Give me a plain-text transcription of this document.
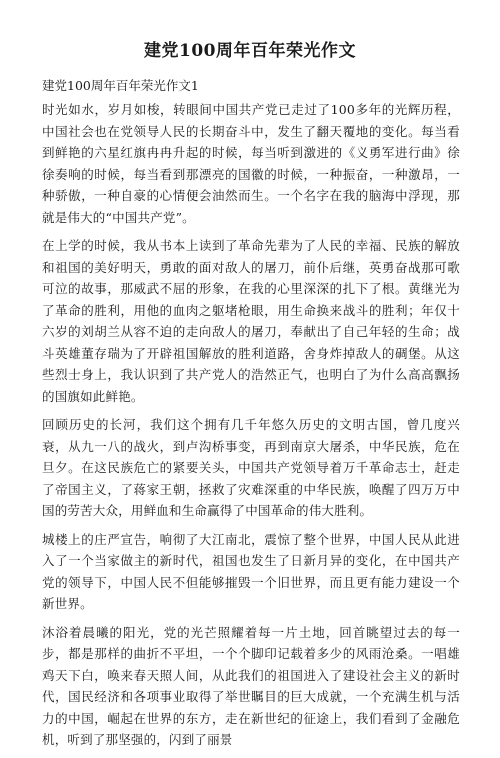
建党100周年百年荣光作文
建党100周年百年荣光作文1

时光如水，岁月如梭，转眼间中国共产党已走过了100多年的光辉历程，中国社会也在党领导人民的长期奋斗中，发生了翻天覆地的变化。每当看到鲜艳的六星红旗冉冉升起的时候，每当听到激进的《义勇军进行曲》徐徐奏响的时候，每当看到那漂亮的国徽的时候，一种振奋，一种激昂，一种骄傲，一种自豪的心情便会油然而生。一个名字在我的脑海中浮现，那就是伟大的“中国共产党”。

在上学的时候，我从书本上读到了革命先辈为了人民的幸福、民族的解放和祖国的美好明天，勇敢的面对敌人的屠刀，前仆后继，英勇奋战那可歌可泣的故事，那威武不屈的形象，在我的心里深深的扎下了根。黄继光为了革命的胜利，用他的血肉之躯堵枪眼，用生命换来战斗的胜利；年仅十六岁的刘胡兰从容不迫的走向敌人的屠刀，奉献出了自己年轻的生命；战斗英雄董存瑞为了开辟祖国解放的胜利道路，舍身炸掉敌人的碉堡。从这些烈士身上，我认识到了共产党人的浩然正气，也明白了为什么高高飘扬的国旗如此鲜艳。

回顾历史的长河，我们这个拥有几千年悠久历史的文明古国，曾几度兴衰，从九一八的战火，到卢沟桥事变，再到南京大屠杀，中华民族，危在旦夕。在这民族危亡的紧要关头，中国共产党领导着万千革命志士，赶走了帝国主义，了蒋家王朝，拯救了灾难深重的中华民族，唤醒了四万万中国的劳苦大众，用鲜血和生命赢得了中国革命的伟大胜利。

城楼上的庄严宣告，响彻了大江南北，震惊了整个世界，中国人民从此进入了一个当家做主的新时代，祖国也发生了日新月异的变化，在中国共产党的领导下，中国人民不但能够摧毁一个旧世界，而且更有能力建设一个新世界。

沐浴着晨曦的阳光，党的光芒照耀着每一片土地，回首眺望过去的每一步，都是那样的曲折不平坦，一个个脚印记载着多少的风雨沧桑。一唱雄鸡天下白，唤来春天照人间，从此我们的祖国进入了建设社会主义的新时代，国民经济和各项事业取得了举世瞩目的巨大成就，一个充满生机与活力的中国，崛起在世界的东方，走在新世纪的征途上，我们看到了金融危机，听到了那坚强的，闪到了丽景
